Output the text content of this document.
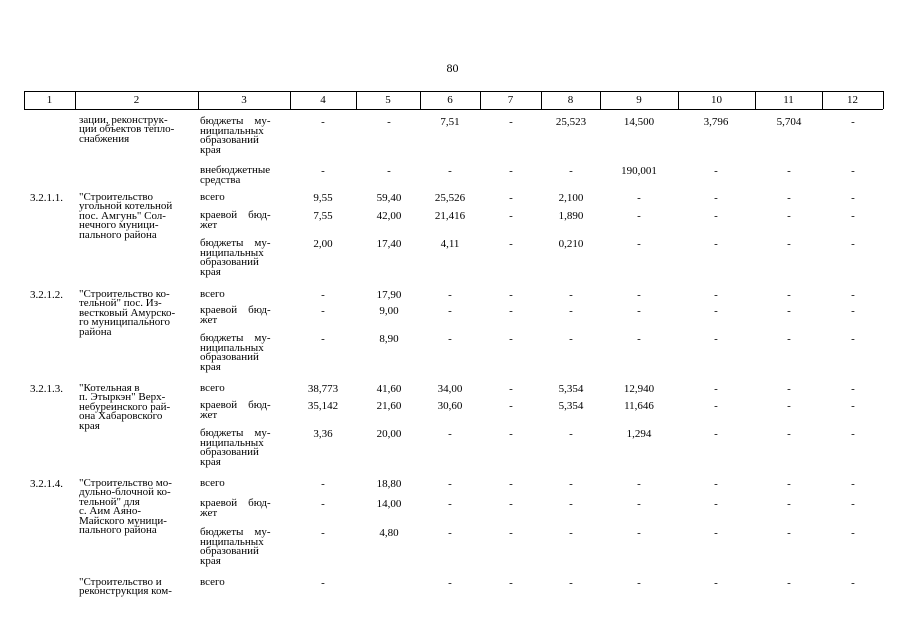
80
1	2	3	4	5	6	7	8	9	10	11	12
зации, реконструк-
ции объектов тепло-
снабжения
бюджеты    му-
ниципальных
образований
края
-	-	7,51	-	25,523	14,500	3,796	5,704	-
внебюджетные
средства
-	-	-	-	-	190,001	-	-	-
3.2.1.1. "Строительство
угольной котельной
пос. Амгунь" Сол-
нечного муници-
пального района
всего	9,55	59,40	25,526	-	2,100	-	-	-	-
краевой    бюд-
жет
7,55	42,00	21,416	-	1,890	-	-	-	-
бюджеты    му-
ниципальных
образований
края
2,00	17,40	4,11	-	0,210	-	-	-	-
3.2.1.2. "Строительство ко-
тельной" пос. Из-
вестковый Амурско-
го муниципального
района
всего	-	17,90	-	-	-	-	-	-	-
краевой    бюд-
жет
-	9,00	-	-	-	-	-	-	-
бюджеты    му-
ниципальных
образований
края
-	8,90	-	-	-	-	-	-	-
3.2.1.3. "Котельная в
п. Этыркэн" Верх-
небуреинского рай-
она Хабаровского
края
всего	38,773	41,60	34,00	-	5,354	12,940	-	-	-
краевой    бюд-
жет
35,142	21,60	30,60	-	5,354	11,646	-	-	-
бюджеты    му-
ниципальных
образований
края
3,36	20,00	-	-	-	1,294	-	-	-
3.2.1.4. "Строительство мо-
дульно-блочной ко-
тельной" для
с. Аим Аяно-
Майского муници-
пального района
всего	-	18,80	-	-	-	-	-	-	-
краевой    бюд-
жет
-	14,00	-	-	-	-	-	-	-
бюджеты    му-
ниципальных
образований
края
-	4,80	-	-	-	-	-	-	-
"Строительство и
реконструкция ком-
всего	-	-	-	-	-	-	-	-
